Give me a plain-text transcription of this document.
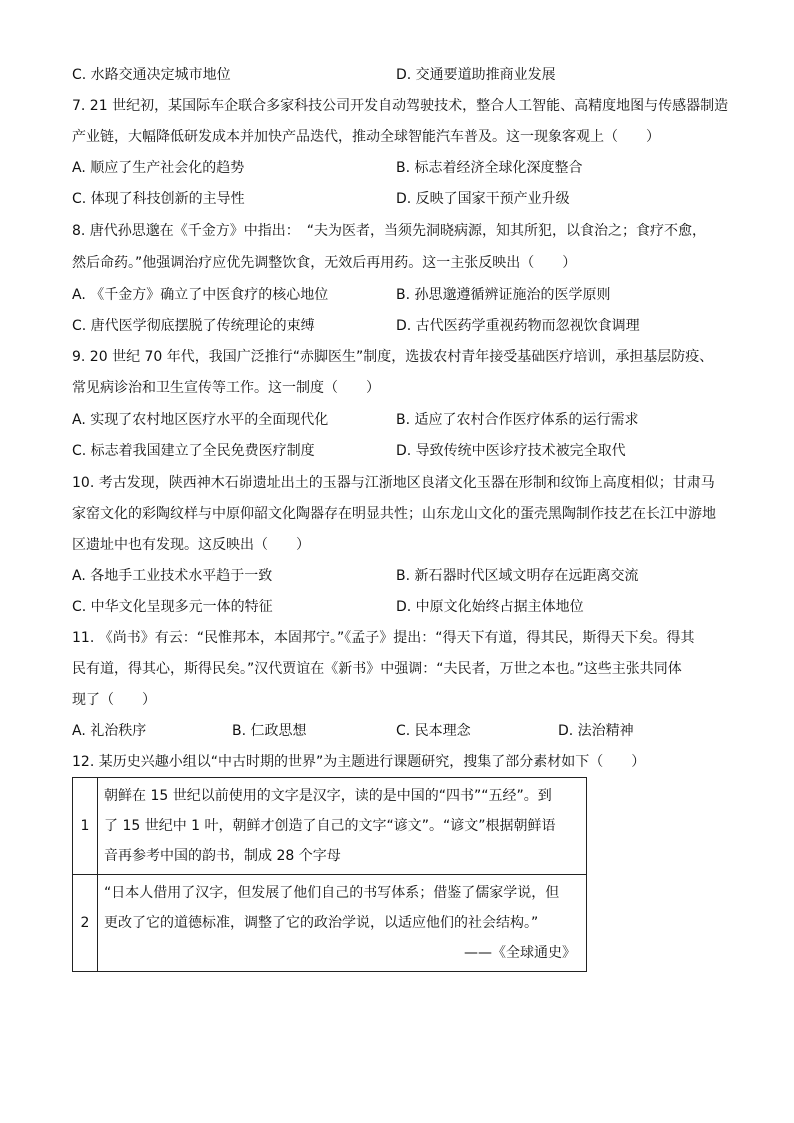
C. 水路交通决定城市地位	D. 交通要道助推商业发展
7. 21 世纪初，某国际车企联合多家科技公司开发自动驾驶技术，整合人工智能、高精度地图与传感器制造
产业链，大幅降低研发成本并加快产品迭代，推动全球智能汽车普及。这一现象客观上（　　）
A. 顺应了生产社会化的趋势	B. 标志着经济全球化深度整合
C. 体现了科技创新的主导性	D. 反映了国家干预产业升级
8. 唐代孙思邈在《千金方》中指出：　“夫为医者，当须先洞晓病源，知其所犯，以食治之；食疗不愈，
然后命药。”他强调治疗应优先调整饮食，无效后再用药。这一主张反映出（　　）
A. 《千金方》确立了中医食疗的核心地位	B. 孙思邈遵循辨证施治的医学原则
C. 唐代医学彻底摆脱了传统理论的束缚	D. 古代医药学重视药物而忽视饮食调理
9. 20 世纪 70 年代，我国广泛推行“赤脚医生”制度，选拔农村青年接受基础医疗培训，承担基层防疫、
常见病诊治和卫生宣传等工作。这一制度（　　）
A. 实现了农村地区医疗水平的全面现代化	B. 适应了农村合作医疗体系的运行需求
C. 标志着我国建立了全民免费医疗制度	D. 导致传统中医诊疗技术被完全取代
10. 考古发现，陕西神木石峁遗址出土的玉器与江浙地区良渚文化玉器在形制和纹饰上高度相似；甘肃马
家窑文化的彩陶纹样与中原仰韶文化陶器存在明显共性；山东龙山文化的蛋壳黑陶制作技艺在长江中游地
区遗址中也有发现。这反映出（　　）
A. 各地手工业技术水平趋于一致	B. 新石器时代区域文明存在远距离交流
C. 中华文化呈现多元一体的特征	D. 中原文化始终占据主体地位
11. 《尚书》有云：“民惟邦本，本固邦宁。”《孟子》提出：“得天下有道，得其民，斯得天下矣。得其
民有道，得其心，斯得民矣。”汉代贾谊在《新书》中强调：“夫民者，万世之本也。”这些主张共同体
现了（　　）
A. 礼治秩序	B. 仁政思想	C. 民本理念	D. 法治精神
12. 某历史兴趣小组以“中古时期的世界”为主题进行课题研究，搜集了部分素材如下（　　）
1	朝鲜在 15 世纪以前使用的文字是汉字，读的是中国的“四书”“五经”。到
了 15 世纪中 1 叶，朝鲜才创造了自己的文字“谚文”。“谚文”根据朝鲜语
音再参考中国的韵书，制成 28 个字母

2	“日本人借用了汉字，但发展了他们自己的书写体系；借鉴了儒家学说，但
更改了它的道德标准，调整了它的政治学说，以适应他们的社会结构。”
——《全球通史》
